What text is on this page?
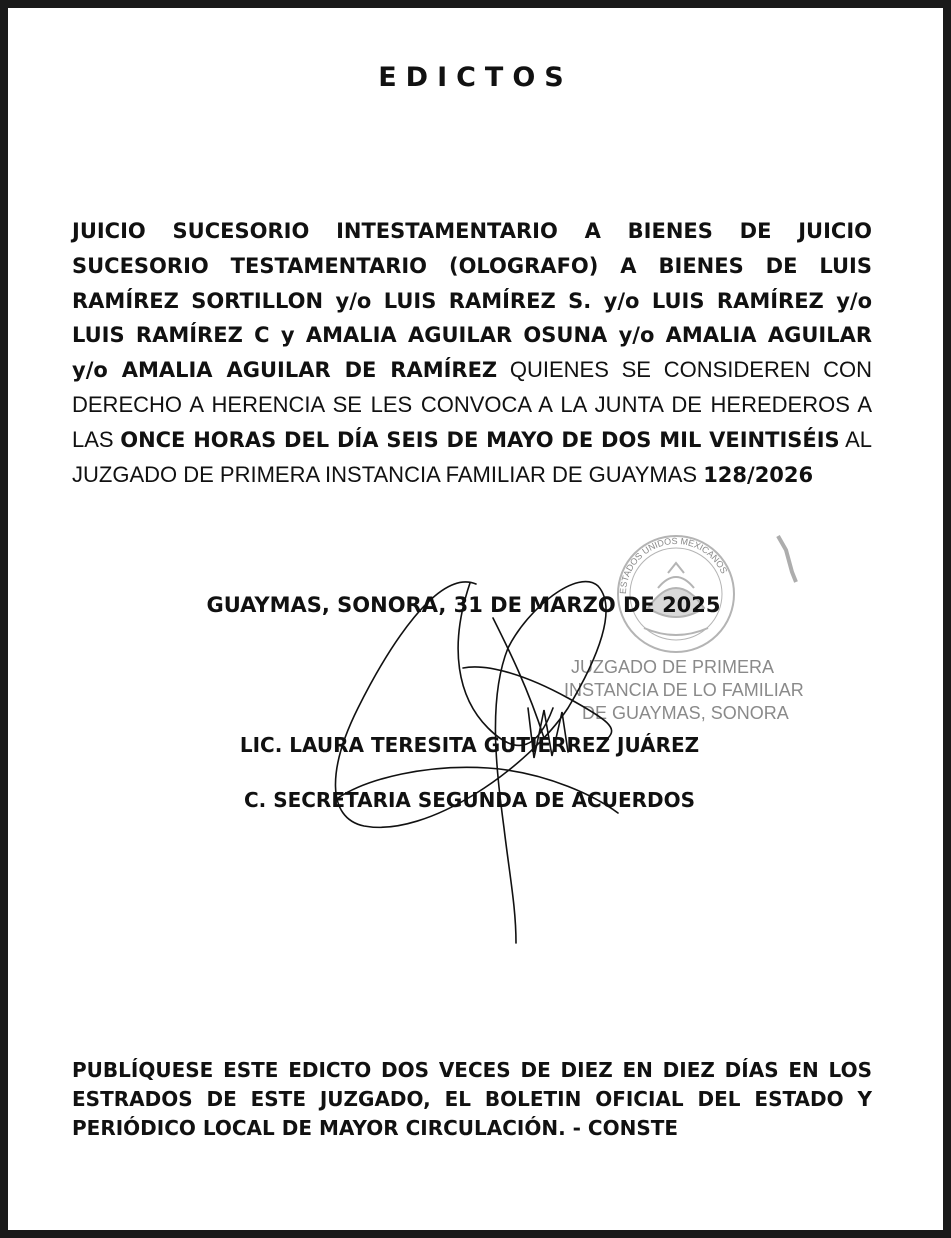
EDICTOS
JUICIO SUCESORIO INTESTAMENTARIO A BIENES DE JUICIO SUCESORIO TESTAMENTARIO (OLOGRAFO) A BIENES DE LUIS RAMÍREZ SORTILLON y/o LUIS RAMÍREZ S. y/o LUIS RAMÍREZ y/o LUIS RAMÍREZ C y AMALIA AGUILAR OSUNA y/o AMALIA AGUILAR y/o AMALIA AGUILAR DE RAMÍREZ QUIENES SE CONSIDEREN CON DERECHO A HERENCIA SE LES CONVOCA A LA JUNTA DE HEREDEROS A LAS ONCE HORAS DEL DÍA SEIS DE MAYO DE DOS MIL VEINTISÉIS AL JUZGADO DE PRIMERA INSTANCIA FAMILIAR DE GUAYMAS 128/2026
ESTADOS UNIDOS MEXICANOS
JUZGADO DE PRIMERA
INSTANCIA DE LO FAMILIAR
DE GUAYMAS, SONORA
GUAYMAS, SONORA, 31 DE MARZO DE 2025
LIC. LAURA TERESITA GUTIERREZ JUÁREZ
C. SECRETARIA SEGUNDA DE ACUERDOS
PUBLÍQUESE ESTE EDICTO DOS VECES DE DIEZ EN DIEZ DÍAS EN LOS ESTRADOS DE ESTE JUZGADO, EL BOLETIN OFICIAL DEL ESTADO Y PERIÓDICO LOCAL DE MAYOR CIRCULACIÓN. - CONSTE
